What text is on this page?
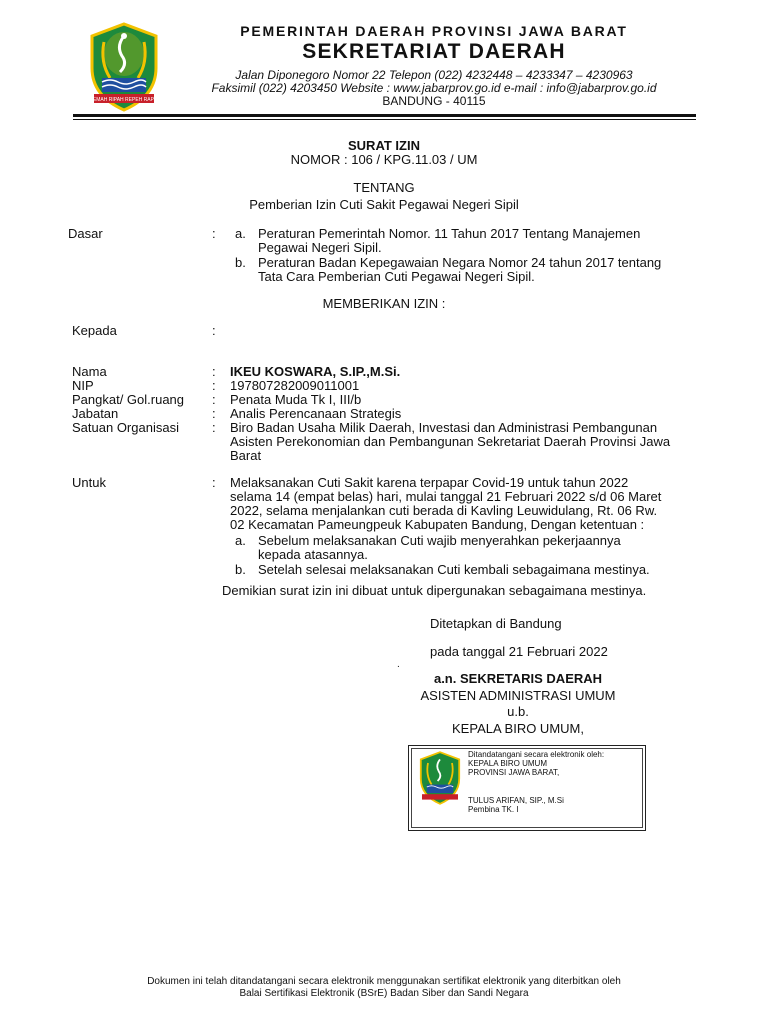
GEMAH RIPAH REPEH RAPIH
PEMERINTAH DAERAH PROVINSI JAWA BARAT
SEKRETARIAT DAERAH
Jalan Diponegoro Nomor 22 Telepon (022) 4232448 – 4233347 – 4230963
Faksimil (022) 4203450 Website : www.jabarprov.go.id e-mail : info@jabarprov.go.id
BANDUNG - 40115
SURAT IZIN
NOMOR : 106 / KPG.11.03 / UM
TENTANG
Pemberian Izin Cuti Sakit Pegawai Negeri Sipil
Dasar	: a. Peraturan Pemerintah Nomor. 11 Tahun 2017 Tentang Manajemen
Pegawai Negeri Sipil.
b. Peraturan Badan Kepegawaian Negara Nomor 24 tahun 2017 tentang
Tata Cara Pemberian Cuti Pegawai Negeri Sipil.
MEMBERIKAN IZIN :
Kepada	:
Nama	: IKEU KOSWARA, S.IP.,M.Si.
NIP	: 197807282009011001
Pangkat/ Gol.ruang : Penata Muda Tk I, III/b
Jabatan	: Analis Perencanaan Strategis
Satuan Organisasi	: Biro Badan Usaha Milik Daerah, Investasi dan Administrasi Pembangunan
Asisten Perekonomian dan Pembangunan Sekretariat Daerah Provinsi Jawa
Barat
Untuk	: Melaksanakan Cuti Sakit karena terpapar Covid-19 untuk tahun 2022
selama 14 (empat belas) hari, mulai tanggal 21 Februari 2022 s/d 06 Maret
2022, selama menjalankan cuti berada di Kavling Leuwidulang, Rt. 06 Rw.
02 Kecamatan Pameungpeuk Kabupaten Bandung, Dengan ketentuan :
a. Sebelum melaksanakan Cuti wajib menyerahkan pekerjaannya
kepada atasannya.
b. Setelah selesai melaksanakan Cuti kembali sebagaimana mestinya.
Demikian surat izin ini dibuat untuk dipergunakan sebagaimana mestinya.
Ditetapkan di Bandung
pada tanggal 21 Februari 2022
.
a.n. SEKRETARIS DAERAH
ASISTEN ADMINISTRASI UMUM
u.b.
KEPALA BIRO UMUM,
Ditandatangani secara elektronik oleh:
KEPALA BIRO UMUM
PROVINSI JAWA BARAT,
TULUS ARIFAN, SIP., M.Si
Pembina TK. I
Dokumen ini telah ditandatangani secara elektronik menggunakan sertifikat elektronik yang diterbitkan oleh
Balai Sertifikasi Elektronik (BSrE) Badan Siber dan Sandi Negara
